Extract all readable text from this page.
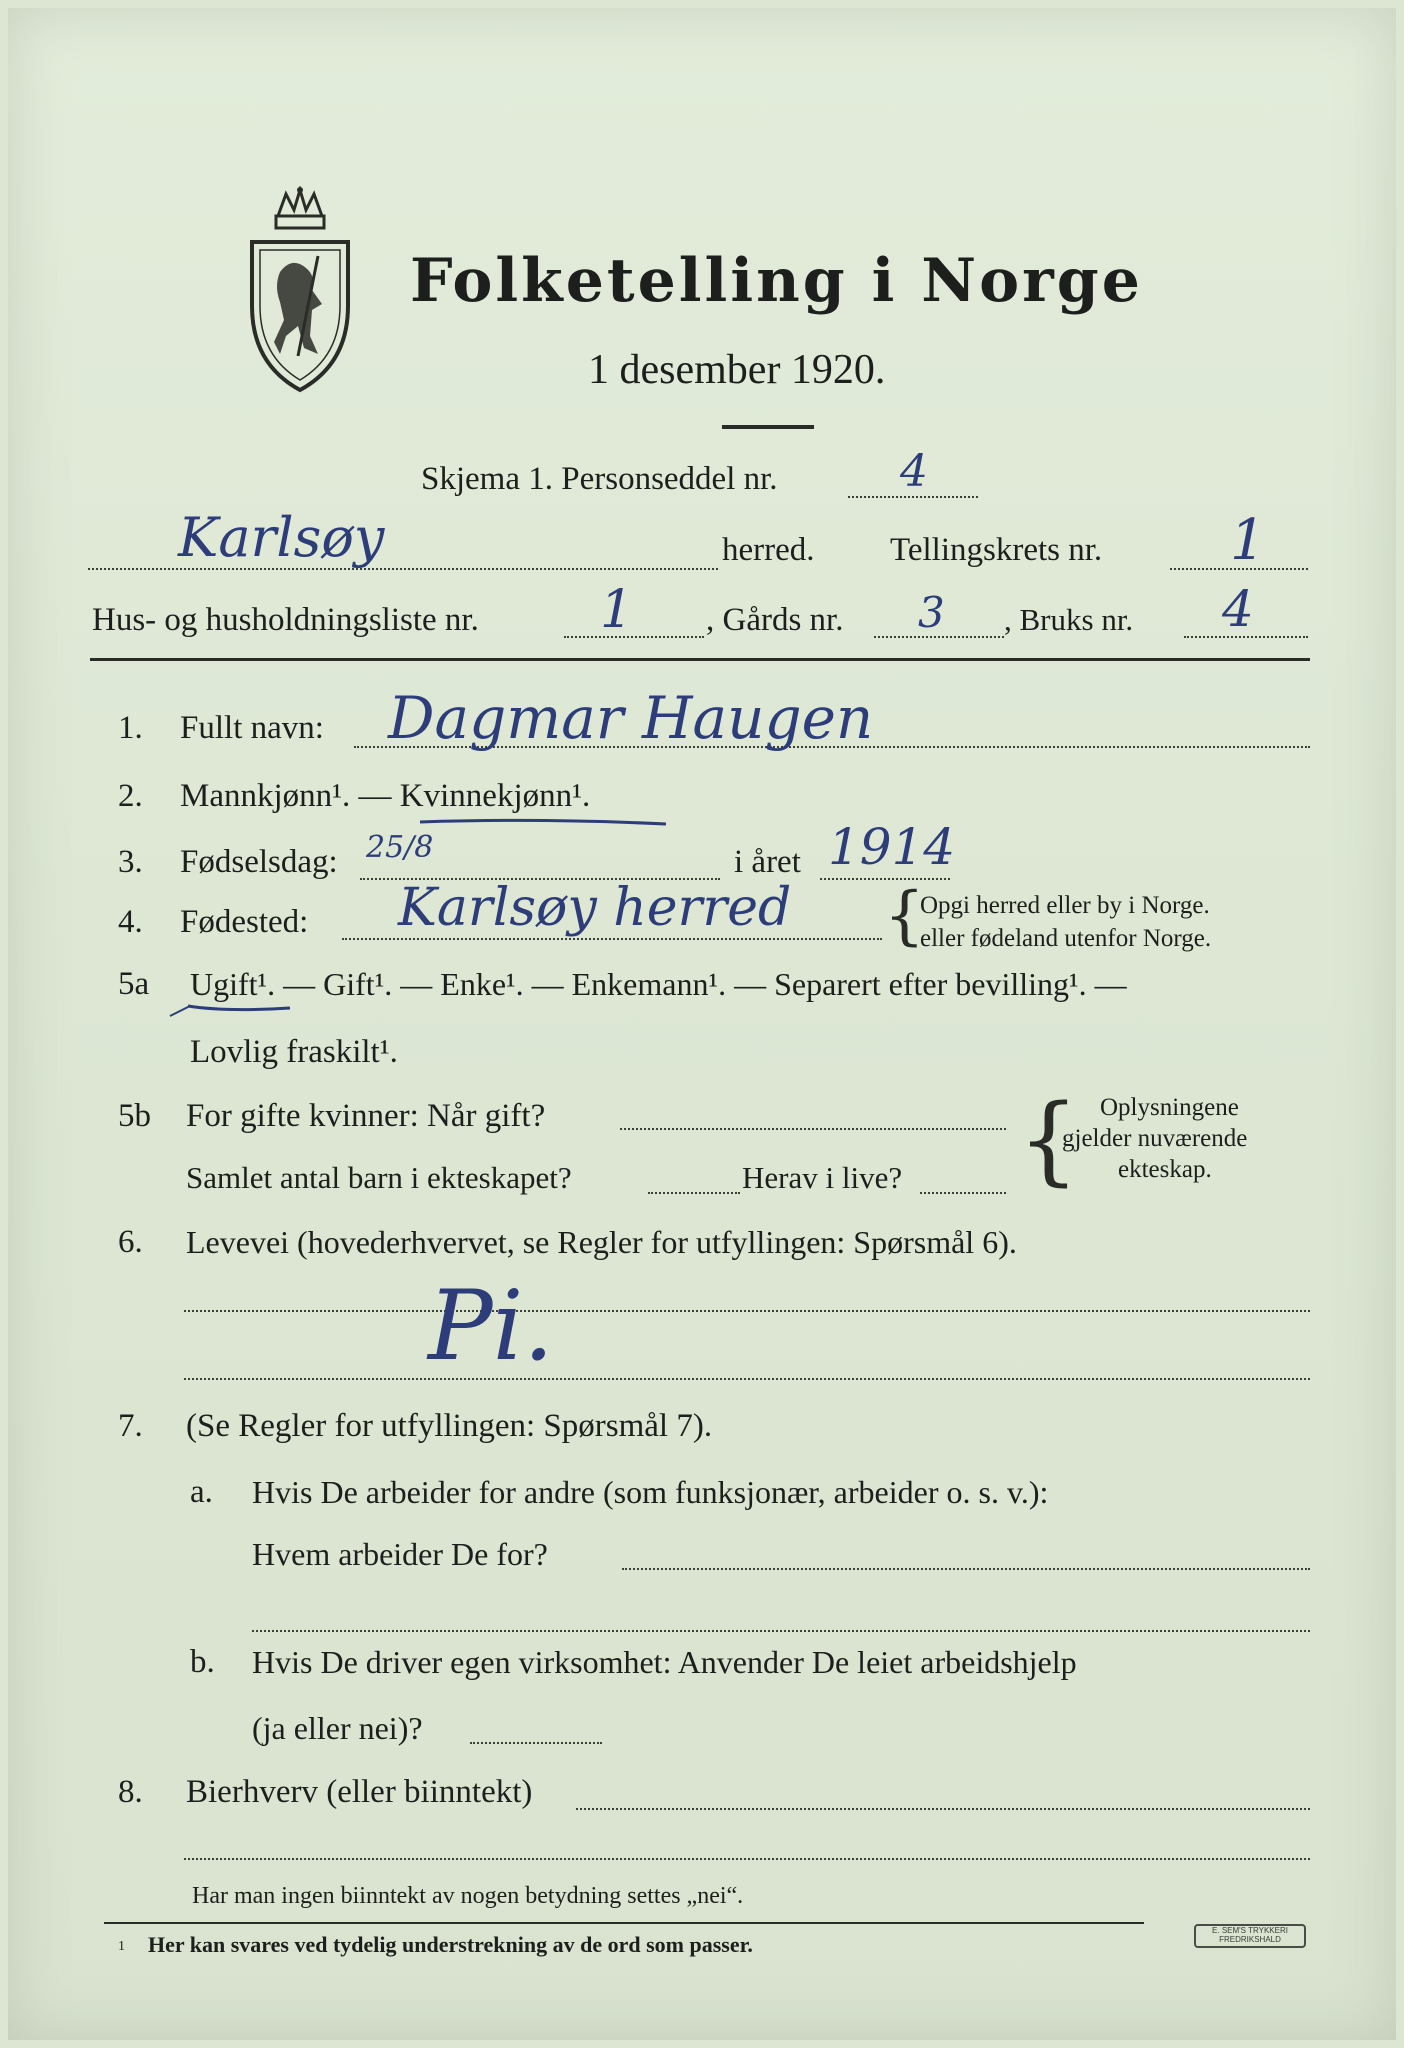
Folketelling i Norge
1 desember 1920.
Skjema 1. Personseddel nr.	4
Karlsøy	herred. Tellingskrets nr. 1
Hus- og husholdningsliste nr. 1 , Gårds nr. 3 , Bruks nr. 4
1. Fullt navn: Dagmar Haugen
2. Mannkjønn¹. — Kvinnekjønn¹.
3. Fødselsdag: 25/8	i året 1914
4. Fødested: Karlsøy herred {
Opgi herred eller by i Norge.
eller fødeland utenfor Norge.
5a Ugift¹. — Gift¹. — Enke¹. — Enkemann¹. — Separert efter bevilling¹. —
Lovlig fraskilt¹.
5b For gifte kvinner: Når gift?
Samlet antal barn i ekteskapet?	Herav i live? { Oplysningene
gjelder nuværende
ekteskap.
6. Levevei (hovederhvervet, se Regler for utfyllingen: Spørsmål 6).
Pi.
7. (Se Regler for utfyllingen: Spørsmål 7).
a. Hvis De arbeider for andre (som funksjonær, arbeider o. s. v.):
Hvem arbeider De for?
b. Hvis De driver egen virksomhet: Anvender De leiet arbeidshjelp
(ja eller nei)?
8. Bierhverv (eller biinntekt)
Har man ingen biinntekt av nogen betydning settes „nei“.
1 Her kan svares ved tydelig understrekning av de ord som passer.
E. SEM'S TRYKKERI FREDRIKSHALD
